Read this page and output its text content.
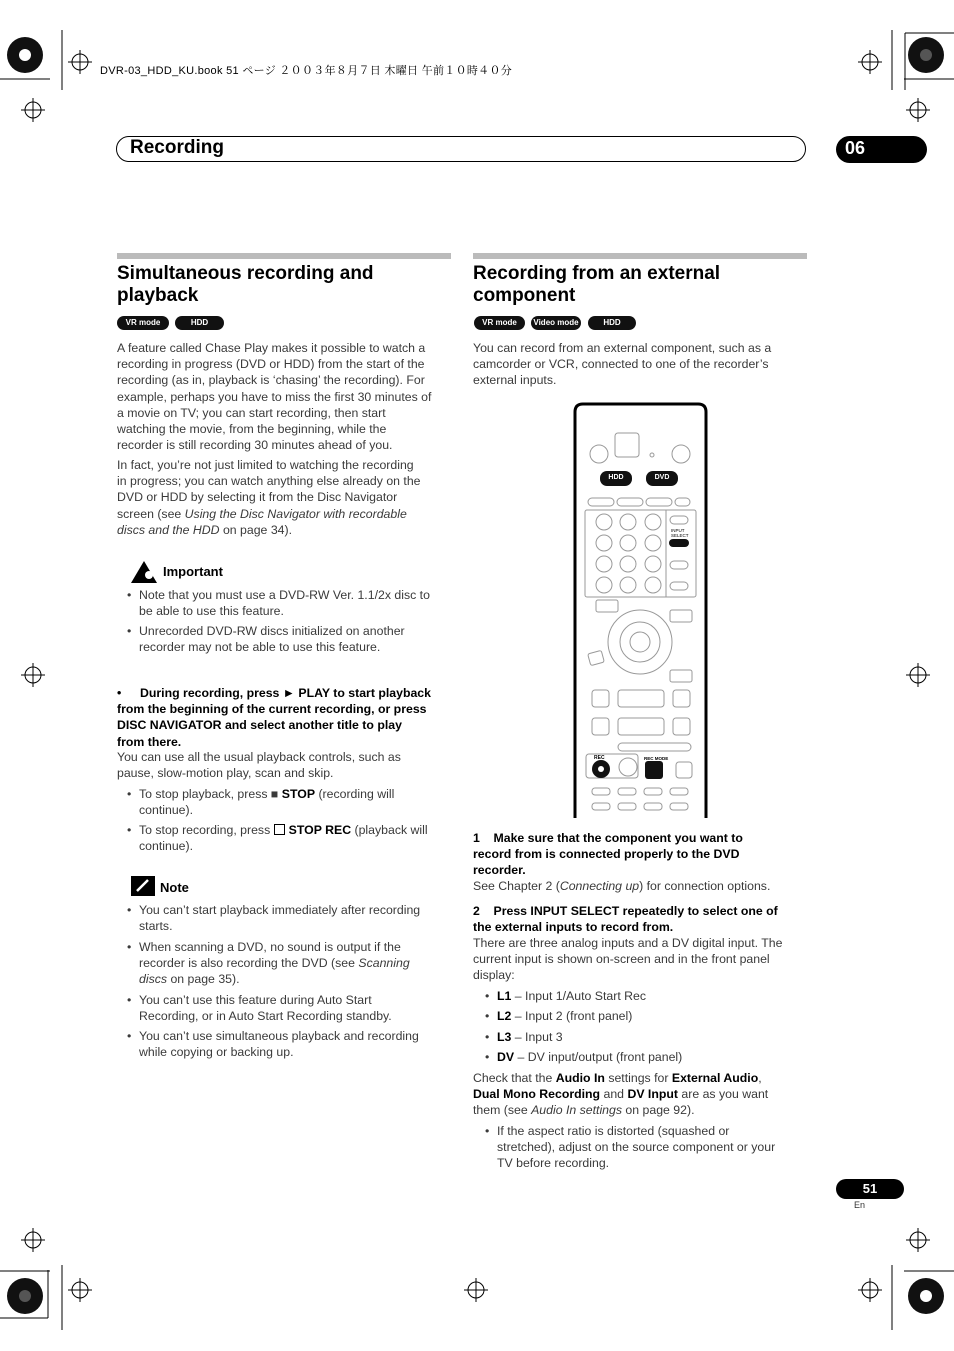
DVR-03_HDD_KU.book 51 ページ ２００３年８月７日 木曜日 午前１０時４０分
Recording	06
Simultaneous recording and
playback
VR mode	HDD
A feature called Chase Play makes it possible to watch a
recording in progress (DVD or HDD) from the start of the
recording (as in, playback is ‘chasing’ the recording). For
example, perhaps you have to miss the first 30 minutes of
a movie on TV; you can start recording, then start
watching the movie, from the beginning, while the
recorder is still recording 30 minutes ahead of you.
In fact, you’re not just limited to watching the recording
in progress; you can watch anything else already on the
DVD or HDD by selecting it from the Disc Navigator
screen (see Using the Disc Navigator with recordable
discs and the HDD on page 34).
Important
• Note that you must use a DVD-RW Ver. 1.1/2x disc to
be able to use this feature.
• Unrecorded DVD-RW discs initialized on another
recorder may not be able to use this feature.
• During recording, press ► PLAY to start playback
from the beginning of the current recording, or press
DISC NAVIGATOR and select another title to play
from there.
You can use all the usual playback controls, such as
pause, slow-motion play, scan and skip.
• To stop playback, press ■ STOP (recording will
continue).
• To stop recording, press STOP REC (playback will
continue).
Note
• You can’t start playback immediately after recording
starts.
• When scanning a DVD, no sound is output if the
recorder is also recording the DVD (see Scanning
discs on page 35).
• You can’t use this feature during Auto Start
Recording, or in Auto Start Recording standby.
• You can’t use simultaneous playback and recording
while copying or backing up.
Recording from an external
component
VR mode	Video mode	HDD
You can record from an external component, such as a
camcorder or VCR, connected to one of the recorder’s
external inputs.
HDD	DVD
INPUT SELECT
REC	REC MODE
1    Make sure that the component you want to
record from is connected properly to the DVD
recorder.
See Chapter 2 (Connecting up) for connection options.
2    Press INPUT SELECT repeatedly to select one of
the external inputs to record from.
There are three analog inputs and a DV digital input. The
current input is shown on-screen and in the front panel
display:
• L1 – Input 1/Auto Start Rec
• L2 – Input 2 (front panel)
• L3 – Input 3
• DV – DV input/output (front panel)
Check that the Audio In settings for External Audio,
Dual Mono Recording and DV Input are as you want
them (see Audio In settings on page 92).
• If the aspect ratio is distorted (squashed or
stretched), adjust on the source component or your
TV before recording.
51
En
